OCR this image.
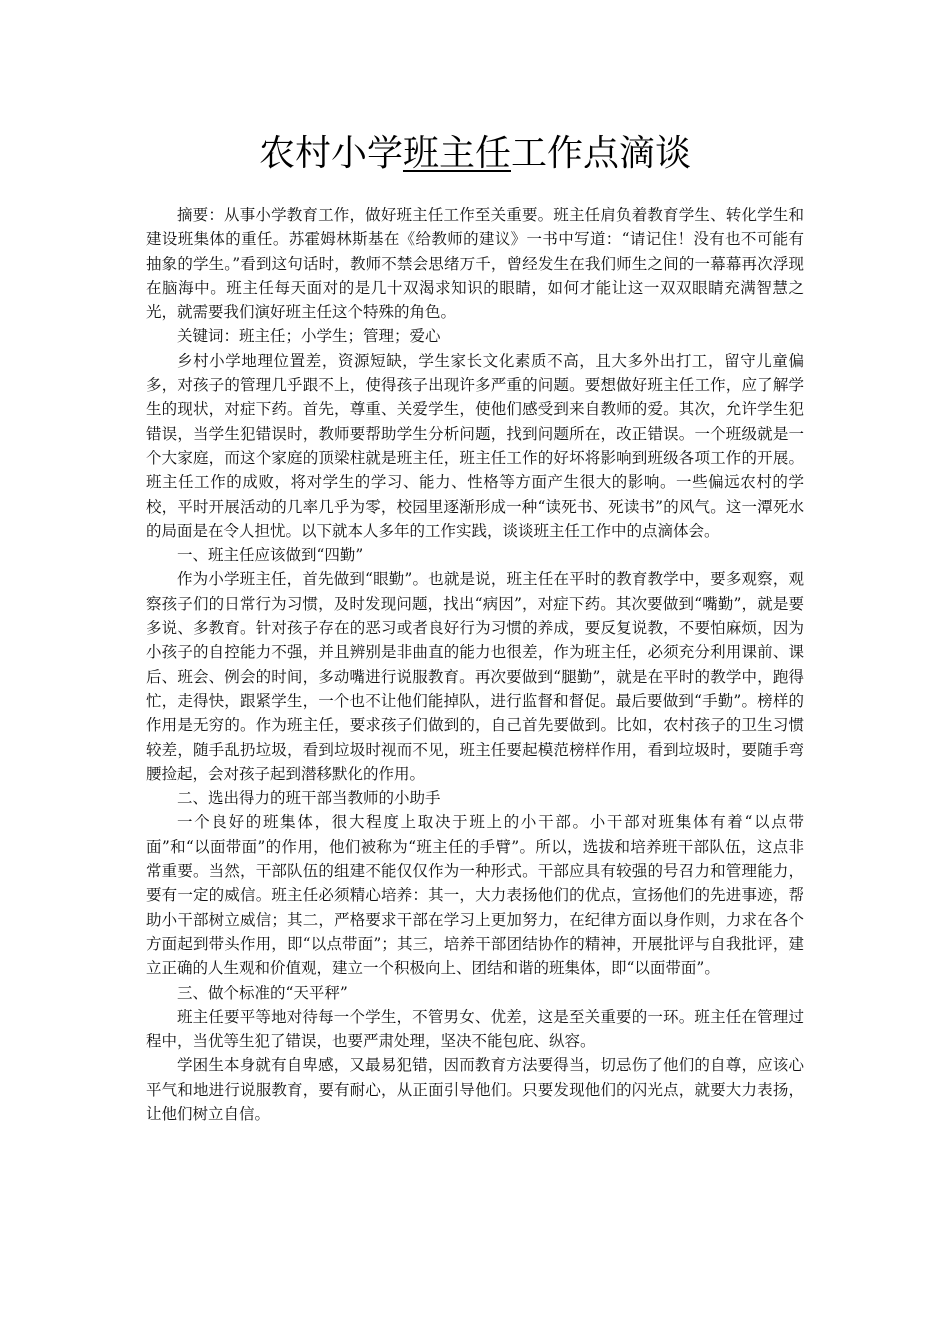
农村小学班主任工作点滴谈

摘要：从事小学教育工作，做好班主任工作至关重要。班主任肩负着教育学生、转化学生和建设班集体的重任。苏霍姆林斯基在《给教师的建议》一书中写道：“请记住！没有也不可能有抽象的学生。”看到这句话时，教师不禁会思绪万千，曾经发生在我们师生之间的一幕幕再次浮现在脑海中。班主任每天面对的是几十双渴求知识的眼睛，如何才能让这一双双眼睛充满智慧之光，就需要我们演好班主任这个特殊的角色。

关键词：班主任；小学生；管理；爱心

乡村小学地理位置差，资源短缺，学生家长文化素质不高，且大多外出打工，留守儿童偏多，对孩子的管理几乎跟不上，使得孩子出现许多严重的问题。要想做好班主任工作，应了解学生的现状，对症下药。首先，尊重、关爱学生，使他们感受到来自教师的爱。其次，允许学生犯错误，当学生犯错误时，教师要帮助学生分析问题，找到问题所在，改正错误。一个班级就是一个大家庭，而这个家庭的顶梁柱就是班主任，班主任工作的好坏将影响到班级各项工作的开展。班主任工作的成败，将对学生的学习、能力、性格等方面产生很大的影响。一些偏远农村的学校，平时开展活动的几率几乎为零，校园里逐渐形成一种“读死书、死读书”的风气。这一潭死水的局面是在令人担忧。以下就本人多年的工作实践，谈谈班主任工作中的点滴体会。

一、班主任应该做到“四勤”

作为小学班主任，首先做到“眼勤”。也就是说，班主任在平时的教育教学中，要多观察，观察孩子们的日常行为习惯，及时发现问题，找出“病因”，对症下药。其次要做到“嘴勤”，就是要多说、多教育。针对孩子存在的恶习或者良好行为习惯的养成，要反复说教，不要怕麻烦，因为小孩子的自控能力不强，并且辨别是非曲直的能力也很差，作为班主任，必须充分利用课前、课后、班会、例会的时间，多动嘴进行说服教育。再次要做到“腿勤”，就是在平时的教学中，跑得忙，走得快，跟紧学生，一个也不让他们能掉队，进行监督和督促。最后要做到“手勤”。榜样的作用是无穷的。作为班主任，要求孩子们做到的，自己首先要做到。比如，农村孩子的卫生习惯较差，随手乱扔垃圾，看到垃圾时视而不见，班主任要起模范榜样作用，看到垃圾时，要随手弯腰捡起，会对孩子起到潜移默化的作用。

二、选出得力的班干部当教师的小助手

一个良好的班集体，很大程度上取决于班上的小干部。小干部对班集体有着“以点带面”和“以面带面”的作用，他们被称为“班主任的手臂”。所以，选拔和培养班干部队伍，这点非常重要。当然，干部队伍的组建不能仅仅作为一种形式。干部应具有较强的号召力和管理能力，要有一定的威信。班主任必须精心培养：其一，大力表扬他们的优点，宣扬他们的先进事迹，帮助小干部树立威信；其二，严格要求干部在学习上更加努力，在纪律方面以身作则，力求在各个方面起到带头作用，即“以点带面”；其三，培养干部团结协作的精神，开展批评与自我批评，建立正确的人生观和价值观，建立一个积极向上、团结和谐的班集体，即“以面带面”。

三、做个标准的“天平秤”

班主任要平等地对待每一个学生，不管男女、优差，这是至关重要的一环。班主任在管理过程中，当优等生犯了错误，也要严肃处理，坚决不能包庇、纵容。

学困生本身就有自卑感，又最易犯错，因而教育方法要得当，切忌伤了他们的自尊，应该心平气和地进行说服教育，要有耐心，从正面引导他们。只要发现他们的闪光点，就要大力表扬，让他们树立自信。
